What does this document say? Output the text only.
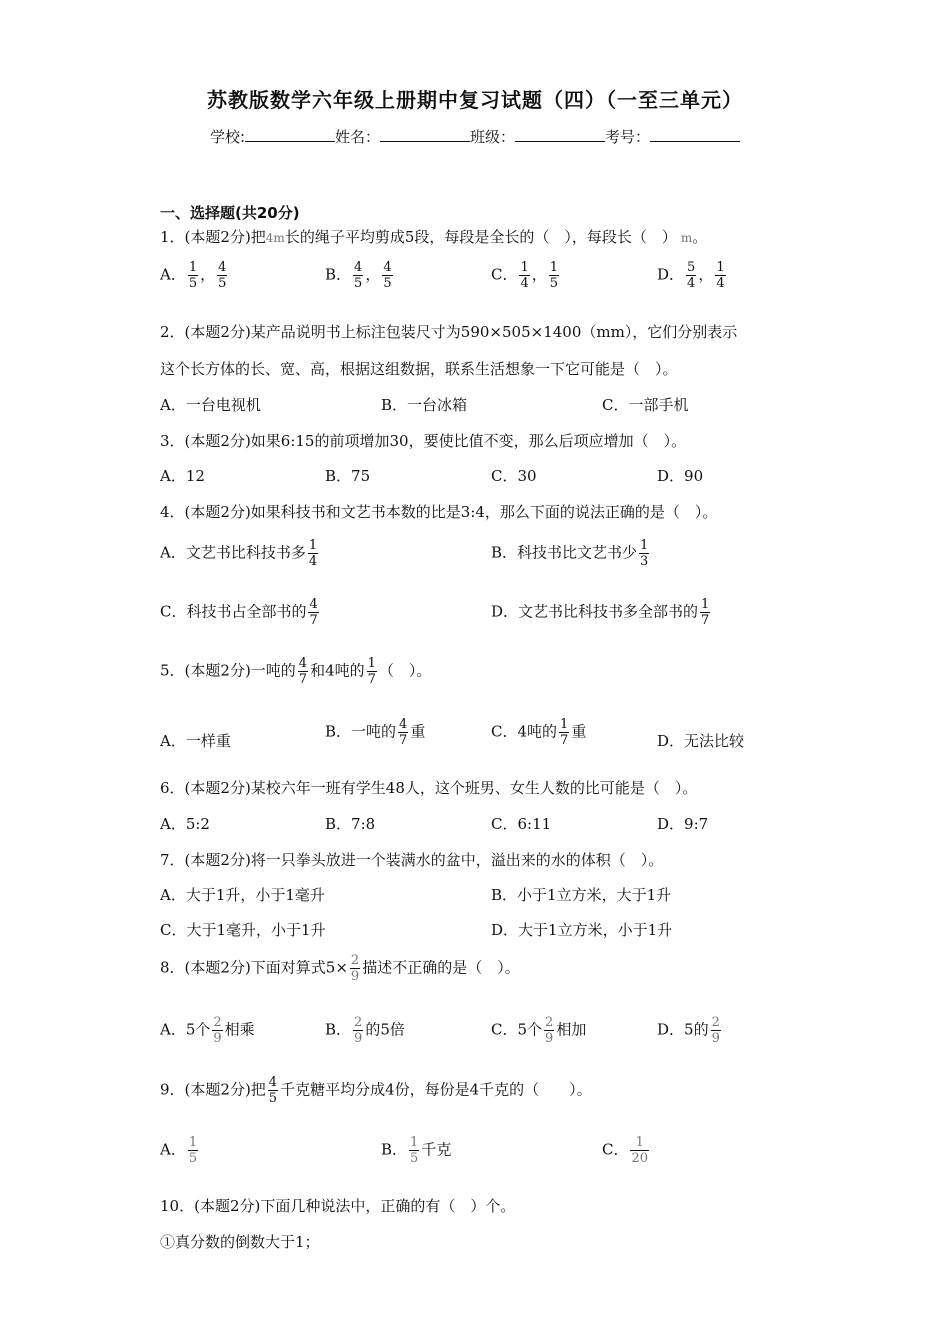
苏教版数学六年级上册期中复习试题（四）（一至三单元）
学校:	姓名：	班级：	考号：
一、选择题(共20分)
1．(本题2分)把4m长的绳子平均剪成5段，每段是全长的（　），每段长（　） m。
A． $\frac{1}{5}$ ， $\frac{4}{5}$	B． $\frac{4}{5}$ ， $\frac{4}{5}$	C． $\frac{1}{4}$ ， $\frac{1}{5}$	D． $\frac{5}{4}$ ， $\frac{1}{4}$
2．(本题2分)某产品说明书上标注包装尺寸为590×505×1400（mm），它们分别表示
这个长方体的长、宽、高，根据这组数据，联系生活想象一下它可能是（　）。
A．一台电视机	B．一台冰箱	C．一部手机
3．(本题2分)如果6:15的前项增加30，要使比值不变，那么后项应增加（　）。
A．12	B．75	C．30	D．90
4．(本题2分)如果科技书和文艺书本数的比是3:4，那么下面的说法正确的是（　）。
A．文艺书比科技书多 $\frac{1}{4}$	B．科技书比文艺书少 $\frac{1}{3}$
C．科技书占全部书的 $\frac{4}{7}$	D．文艺书比科技书多全部书的 $\frac{1}{7}$
5．(本题2分)一吨的 $\frac{4}{7}$ 和4吨的 $\frac{1}{7}$ （　）。
A．一样重
B．一吨的 $\frac{4}{7}$ 重	C．4吨的 $\frac{1}{7}$ 重
D．无法比较
6．(本题2分)某校六年一班有学生48人，这个班男、女生人数的比可能是（　）。
A．5:2	B．7:8	C．6:11	D．9:7
7．(本题2分)将一只拳头放进一个装满水的盆中，溢出来的水的体积（　）。
A．大于1升，小于1毫升	B．小于1立方米，大于1升
C．大于1毫升，小于1升	D．大于1立方米，小于1升
8．(本题2分)下面对算式$5\times \frac{2}{9}$ 描述不正确的是（　）。
A．5个 $\frac{2}{9}$ 相乘	B． $\frac{2}{9}$ 的5倍	C．5个 $\frac{2}{9}$ 相加	D．5的 $\frac{2}{9}$
9．(本题2分)把 $\frac{4}{5}$ 千克糖平均分成4份，每份是4千克的（　　）。
A． $\frac{1}{5}$	B． $\frac{1}{5}$ 千克	C． $\frac{1}{20}$
10．(本题2分)下面几种说法中，正确的有（　）个。
①真分数的倒数大于1；
